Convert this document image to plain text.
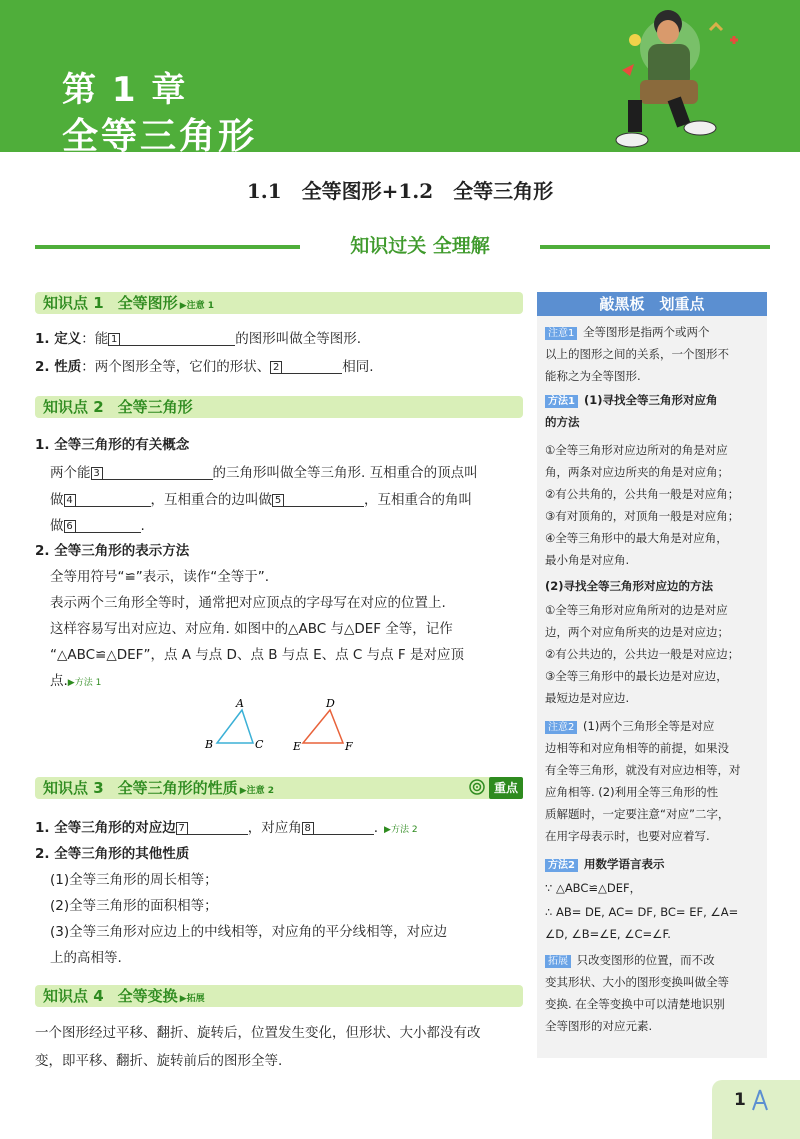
第 1 章
全等三角形
1.1　全等图形+1.2　全等三角形
知识过关 全理解
知识点 1 全等图形 ▶注意 1
1. 定义：能 1	的图形叫做全等图形.
2. 性质：两个图形全等，它们的形状、 2	相同.
知识点 2 全等三角形
1. 全等三角形的有关概念
两个能 3	的三角形叫做全等三角形. 互相重合的顶点叫
做 4	，互相重合的边叫做 5	，互相重合的角叫
做 6	.
2. 全等三角形的表示方法
全等用符号“≌”表示，读作“全等于”.
表示两个三角形全等时，通常把对应顶点的字母写在对应的位置上.
这样容易写出对应边、对应角. 如图中的△ABC 与△DEF 全等，记作
“△ABC≌△DEF”，点 A 与点 D、点 B 与点 E、点 C 与点 F 是对应顶
点.▶方法 1
A
B	C
D
E	F
知识点 3 全等三角形的性质 ▶注意 2	重点
1. 全等三角形的对应边 7	，对应角 8	. ▶方法 2
2. 全等三角形的其他性质
(1)全等三角形的周长相等；
(2)全等三角形的面积相等；
(3)全等三角形对应边上的中线相等，对应角的平分线相等，对应边
上的高相等.
知识点 4 全等变换 ▶拓展
一个图形经过平移、翻折、旋转后，位置发生变化，但形状、大小都没有改
变，即平移、翻折、旋转前后的图形全等.
敲黑板　划重点
注意1 全等图形是指两个或两个
以上的图形之间的关系，一个图形不
能称之为全等图形.
方法1 (1)寻找全等三角形对应角
的方法
①全等三角形对应边所对的角是对应
角，两条对应边所夹的角是对应角；
②有公共角的，公共角一般是对应角；
③有对顶角的，对顶角一般是对应角；
④全等三角形中的最大角是对应角，
最小角是对应角.
(2)寻找全等三角形对应边的方法
①全等三角形对应角所对的边是对应
边，两个对应角所夹的边是对应边；
②有公共边的，公共边一般是对应边；
③全等三角形中的最长边是对应边，
最短边是对应边.
注意2 (1)两个三角形全等是对应
边相等和对应角相等的前提，如果没
有全等三角形，就没有对应边相等，对
应角相等. (2)利用全等三角形的性
质解题时，一定要注意“对应”二字，
在用字母表示时，也要对应着写.
方法2 用数学语言表示
∵ △ABC≌△DEF，
∴ AB= DE, AC= DF, BC= EF, ∠A=
∠D, ∠B=∠E, ∠C=∠F.
拓展 只改变图形的位置，而不改
变其形状、大小的图形变换叫做全等
变换. 在全等变换中可以清楚地识别
全等图形的对应元素.
1
